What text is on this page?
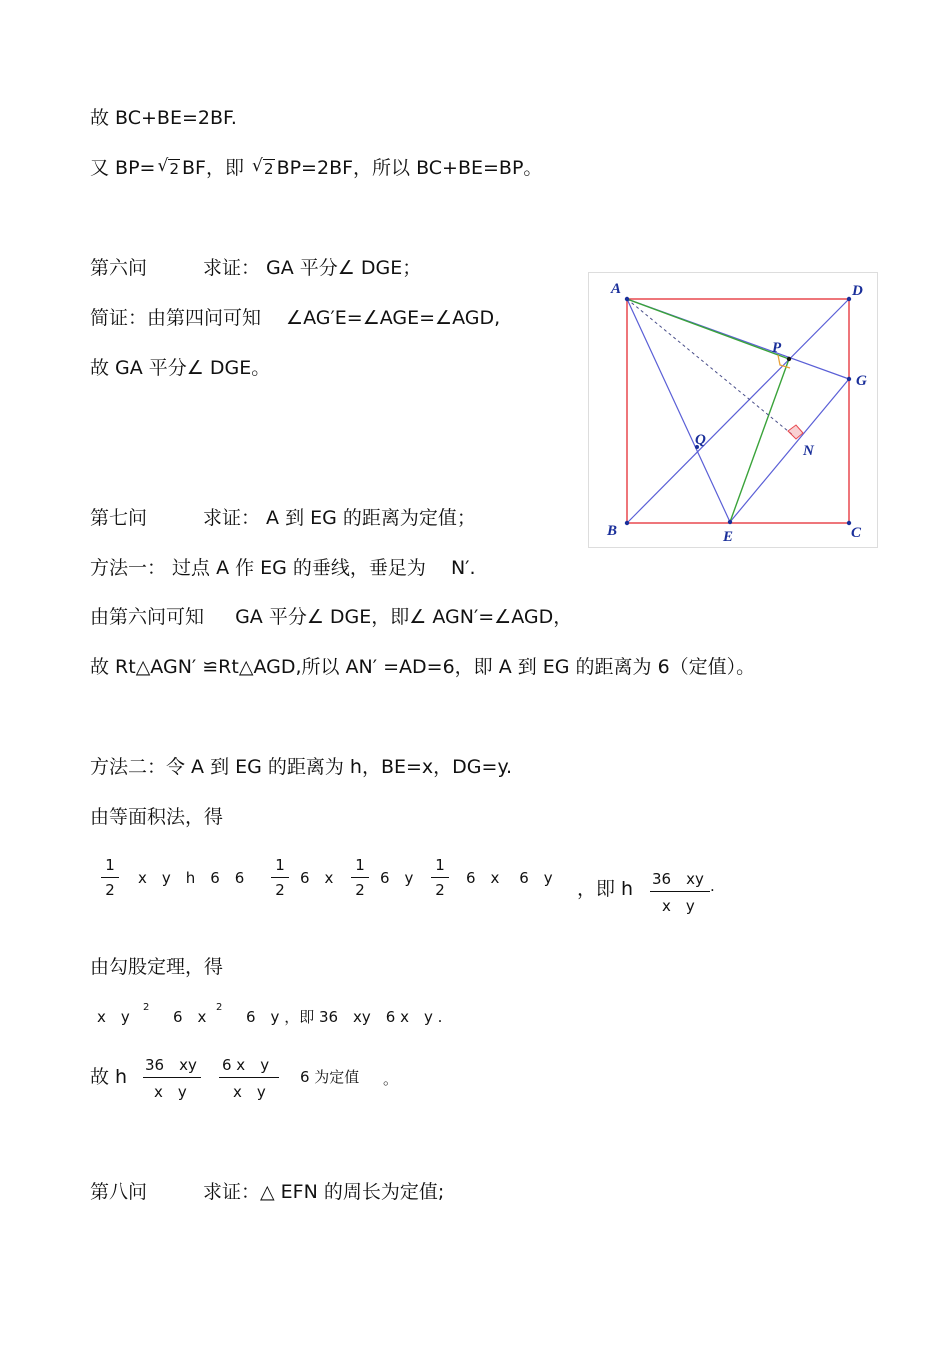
故 BC+BE=2BF.
又 BP= √ 2 BF，即 √ 2 BP=2BF，所以 BC+BE=BP。
第六问	求证： GA 平分∠ DGE；
简证：由第四问可知 　∠AG′E=∠AGE=∠AGD,
故 GA 平分∠ DGE。
第七问	求证： A 到 EG 的距离为定值；
方法一： 过点 A 作 EG 的垂线，垂足为 　N′.
由第六问可知 　 GA 平分∠ DGE，即∠ AGN′=∠AGD，
故 Rt△AGN′ ≌Rt△AGD,所以 AN′ =AD=6，即 A 到 EG 的距离为 6（定值）。
方法二：令 A 到 EG 的距离为 h，BE=x，DG=y.
由等面积法，得
1
2
x　y　h　6　6
1
2
6　x
1
2
6　y
1
2
6　x　 6　y ，即 h 36　xy
x　y
.
由勾股定理，得
x　y
2
6　x
2
6　y ，即 36　xy　6 x　y .
故 h
36　xy
x　y
6 x　y
x　y
6 为定值 。
第八问	求证：△ EFN 的周长为定值;
A	D
B	C
E
G
P
Q
N
